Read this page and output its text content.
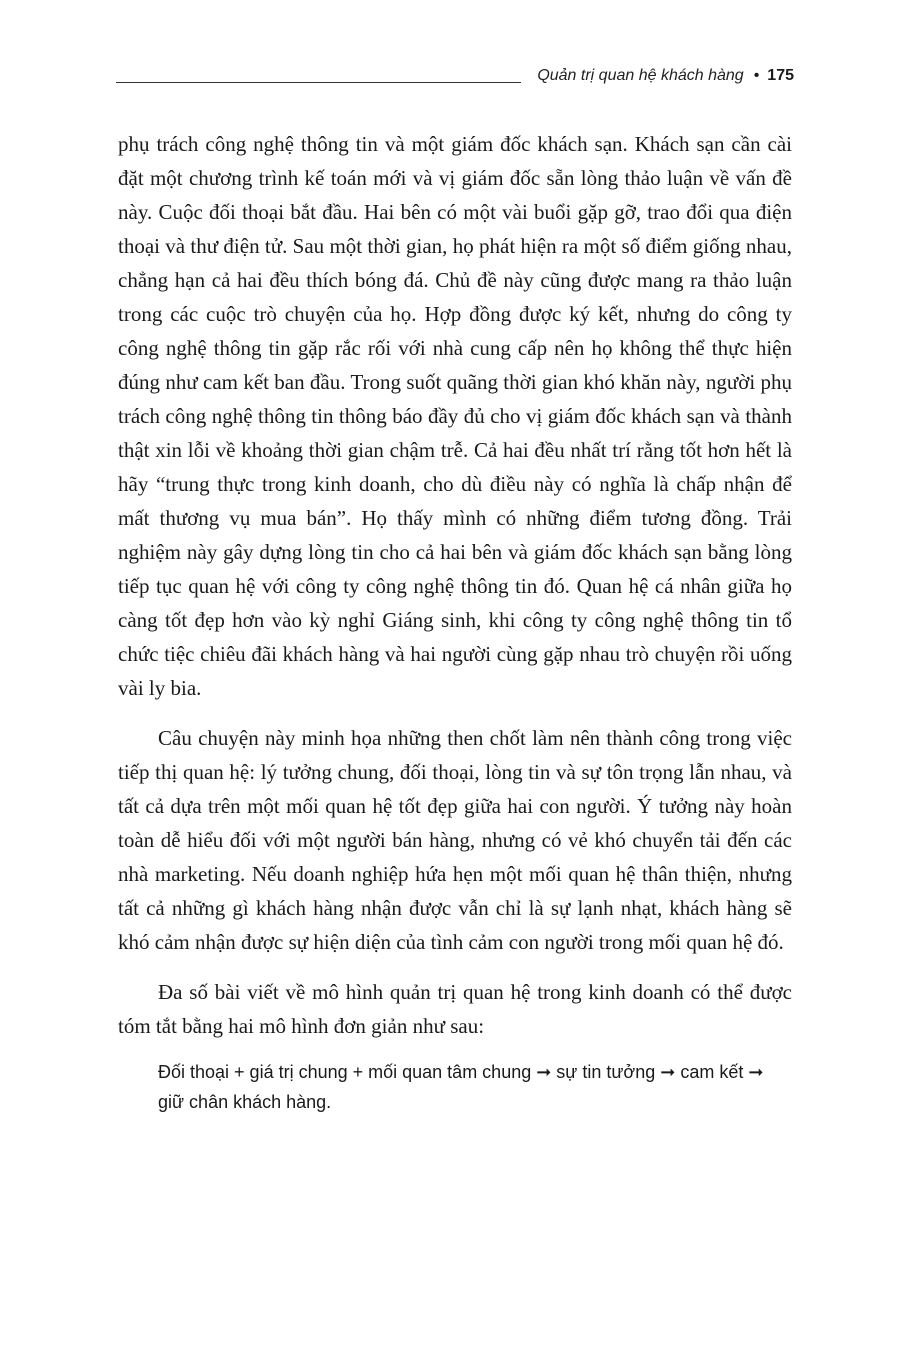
Quản trị quan hệ khách hàng • 175

phụ trách công nghệ thông tin và một giám đốc khách sạn. Khách sạn cần cài đặt một chương trình kế toán mới và vị giám đốc sẵn lòng thảo luận về vấn đề này. Cuộc đối thoại bắt đầu. Hai bên có một vài buổi gặp gỡ, trao đổi qua điện thoại và thư điện tử. Sau một thời gian, họ phát hiện ra một số điểm giống nhau, chẳng hạn cả hai đều thích bóng đá. Chủ đề này cũng được mang ra thảo luận trong các cuộc trò chuyện của họ. Hợp đồng được ký kết, nhưng do công ty công nghệ thông tin gặp rắc rối với nhà cung cấp nên họ không thể thực hiện đúng như cam kết ban đầu. Trong suốt quãng thời gian khó khăn này, người phụ trách công nghệ thông tin thông báo đầy đủ cho vị giám đốc khách sạn và thành thật xin lỗi về khoảng thời gian chậm trễ. Cả hai đều nhất trí rằng tốt hơn hết là hãy “trung thực trong kinh doanh, cho dù điều này có nghĩa là chấp nhận để mất thương vụ mua bán”. Họ thấy mình có những điểm tương đồng. Trải nghiệm này gây dựng lòng tin cho cả hai bên và giám đốc khách sạn bằng lòng tiếp tục quan hệ với công ty công nghệ thông tin đó. Quan hệ cá nhân giữa họ càng tốt đẹp hơn vào kỳ nghỉ Giáng sinh, khi công ty công nghệ thông tin tổ chức tiệc chiêu đãi khách hàng và hai người cùng gặp nhau trò chuyện rồi uống vài ly bia.

Câu chuyện này minh họa những then chốt làm nên thành công trong việc tiếp thị quan hệ: lý tưởng chung, đối thoại, lòng tin và sự tôn trọng lẫn nhau, và tất cả dựa trên một mối quan hệ tốt đẹp giữa hai con người. Ý tưởng này hoàn toàn dễ hiểu đối với một người bán hàng, nhưng có vẻ khó chuyển tải đến các nhà marketing. Nếu doanh nghiệp hứa hẹn một mối quan hệ thân thiện, nhưng tất cả những gì khách hàng nhận được vẫn chỉ là sự lạnh nhạt, khách hàng sẽ khó cảm nhận được sự hiện diện của tình cảm con người trong mối quan hệ đó.

Đa số bài viết về mô hình quản trị quan hệ trong kinh doanh có thể được tóm tắt bằng hai mô hình đơn giản như sau:

Đối thoại + giá trị chung + mối quan tâm chung ➞ sự tin tưởng ➞ cam kết ➞ giữ chân khách hàng.
